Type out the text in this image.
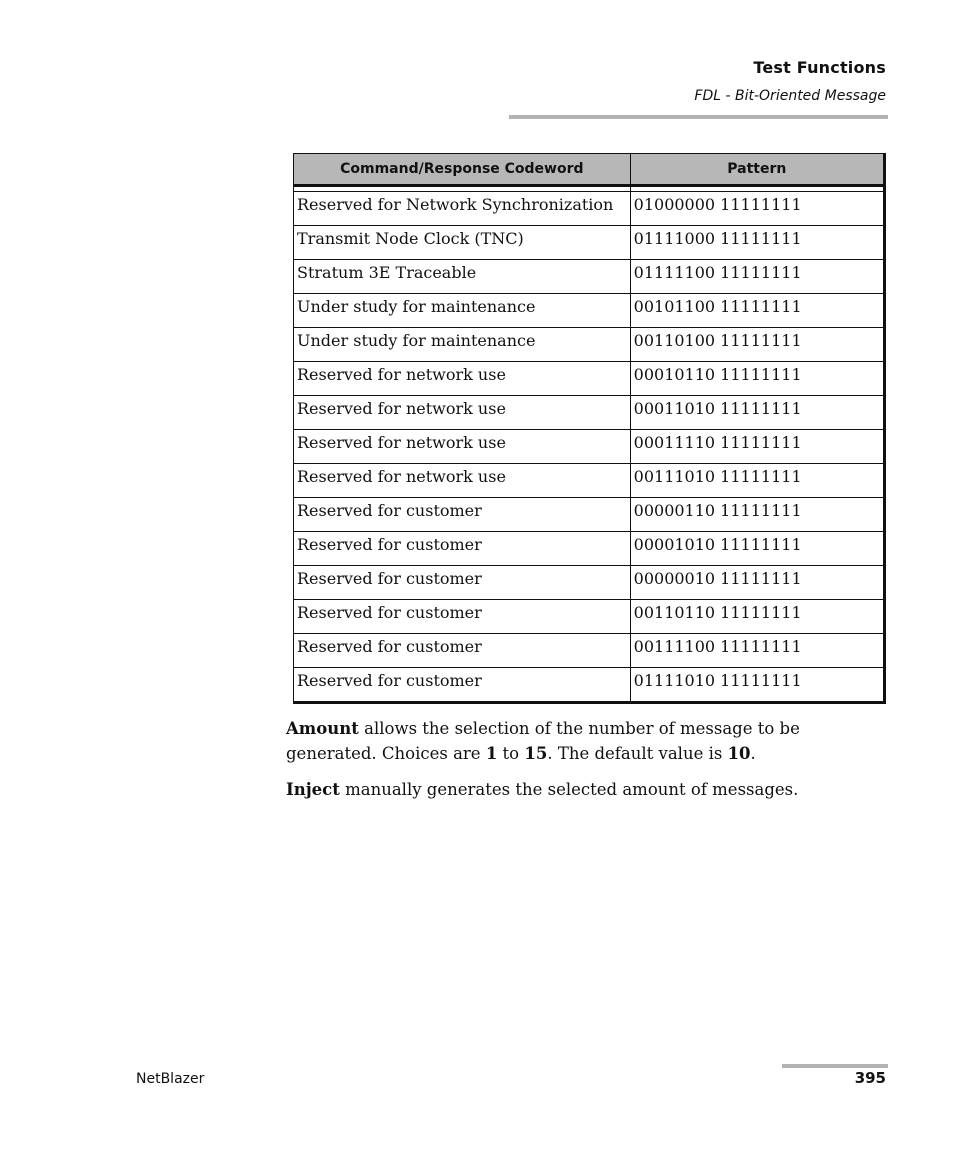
Test Functions
FDL - Bit-Oriented Message
Command/Response Codeword	Pattern

Reserved for Network Synchronization	01000000 11111111
Transmit Node Clock (TNC)	01111000 11111111
Stratum 3E Traceable	01111100 11111111
Under study for maintenance	00101100 11111111
Under study for maintenance	00110100 11111111
Reserved for network use	00010110 11111111
Reserved for network use	00011010 11111111
Reserved for network use	00011110 11111111
Reserved for network use	00111010 11111111
Reserved for customer	00000110 11111111
Reserved for customer	00001010 11111111
Reserved for customer	00000010 11111111
Reserved for customer	00110110 11111111
Reserved for customer	00111100 11111111
Reserved for customer	01111010 11111111
Amount allows the selection of the number of message to be generated. Choices are 1 to 15. The default value is 10.
Inject manually generates the selected amount of messages.
NetBlazer	395
